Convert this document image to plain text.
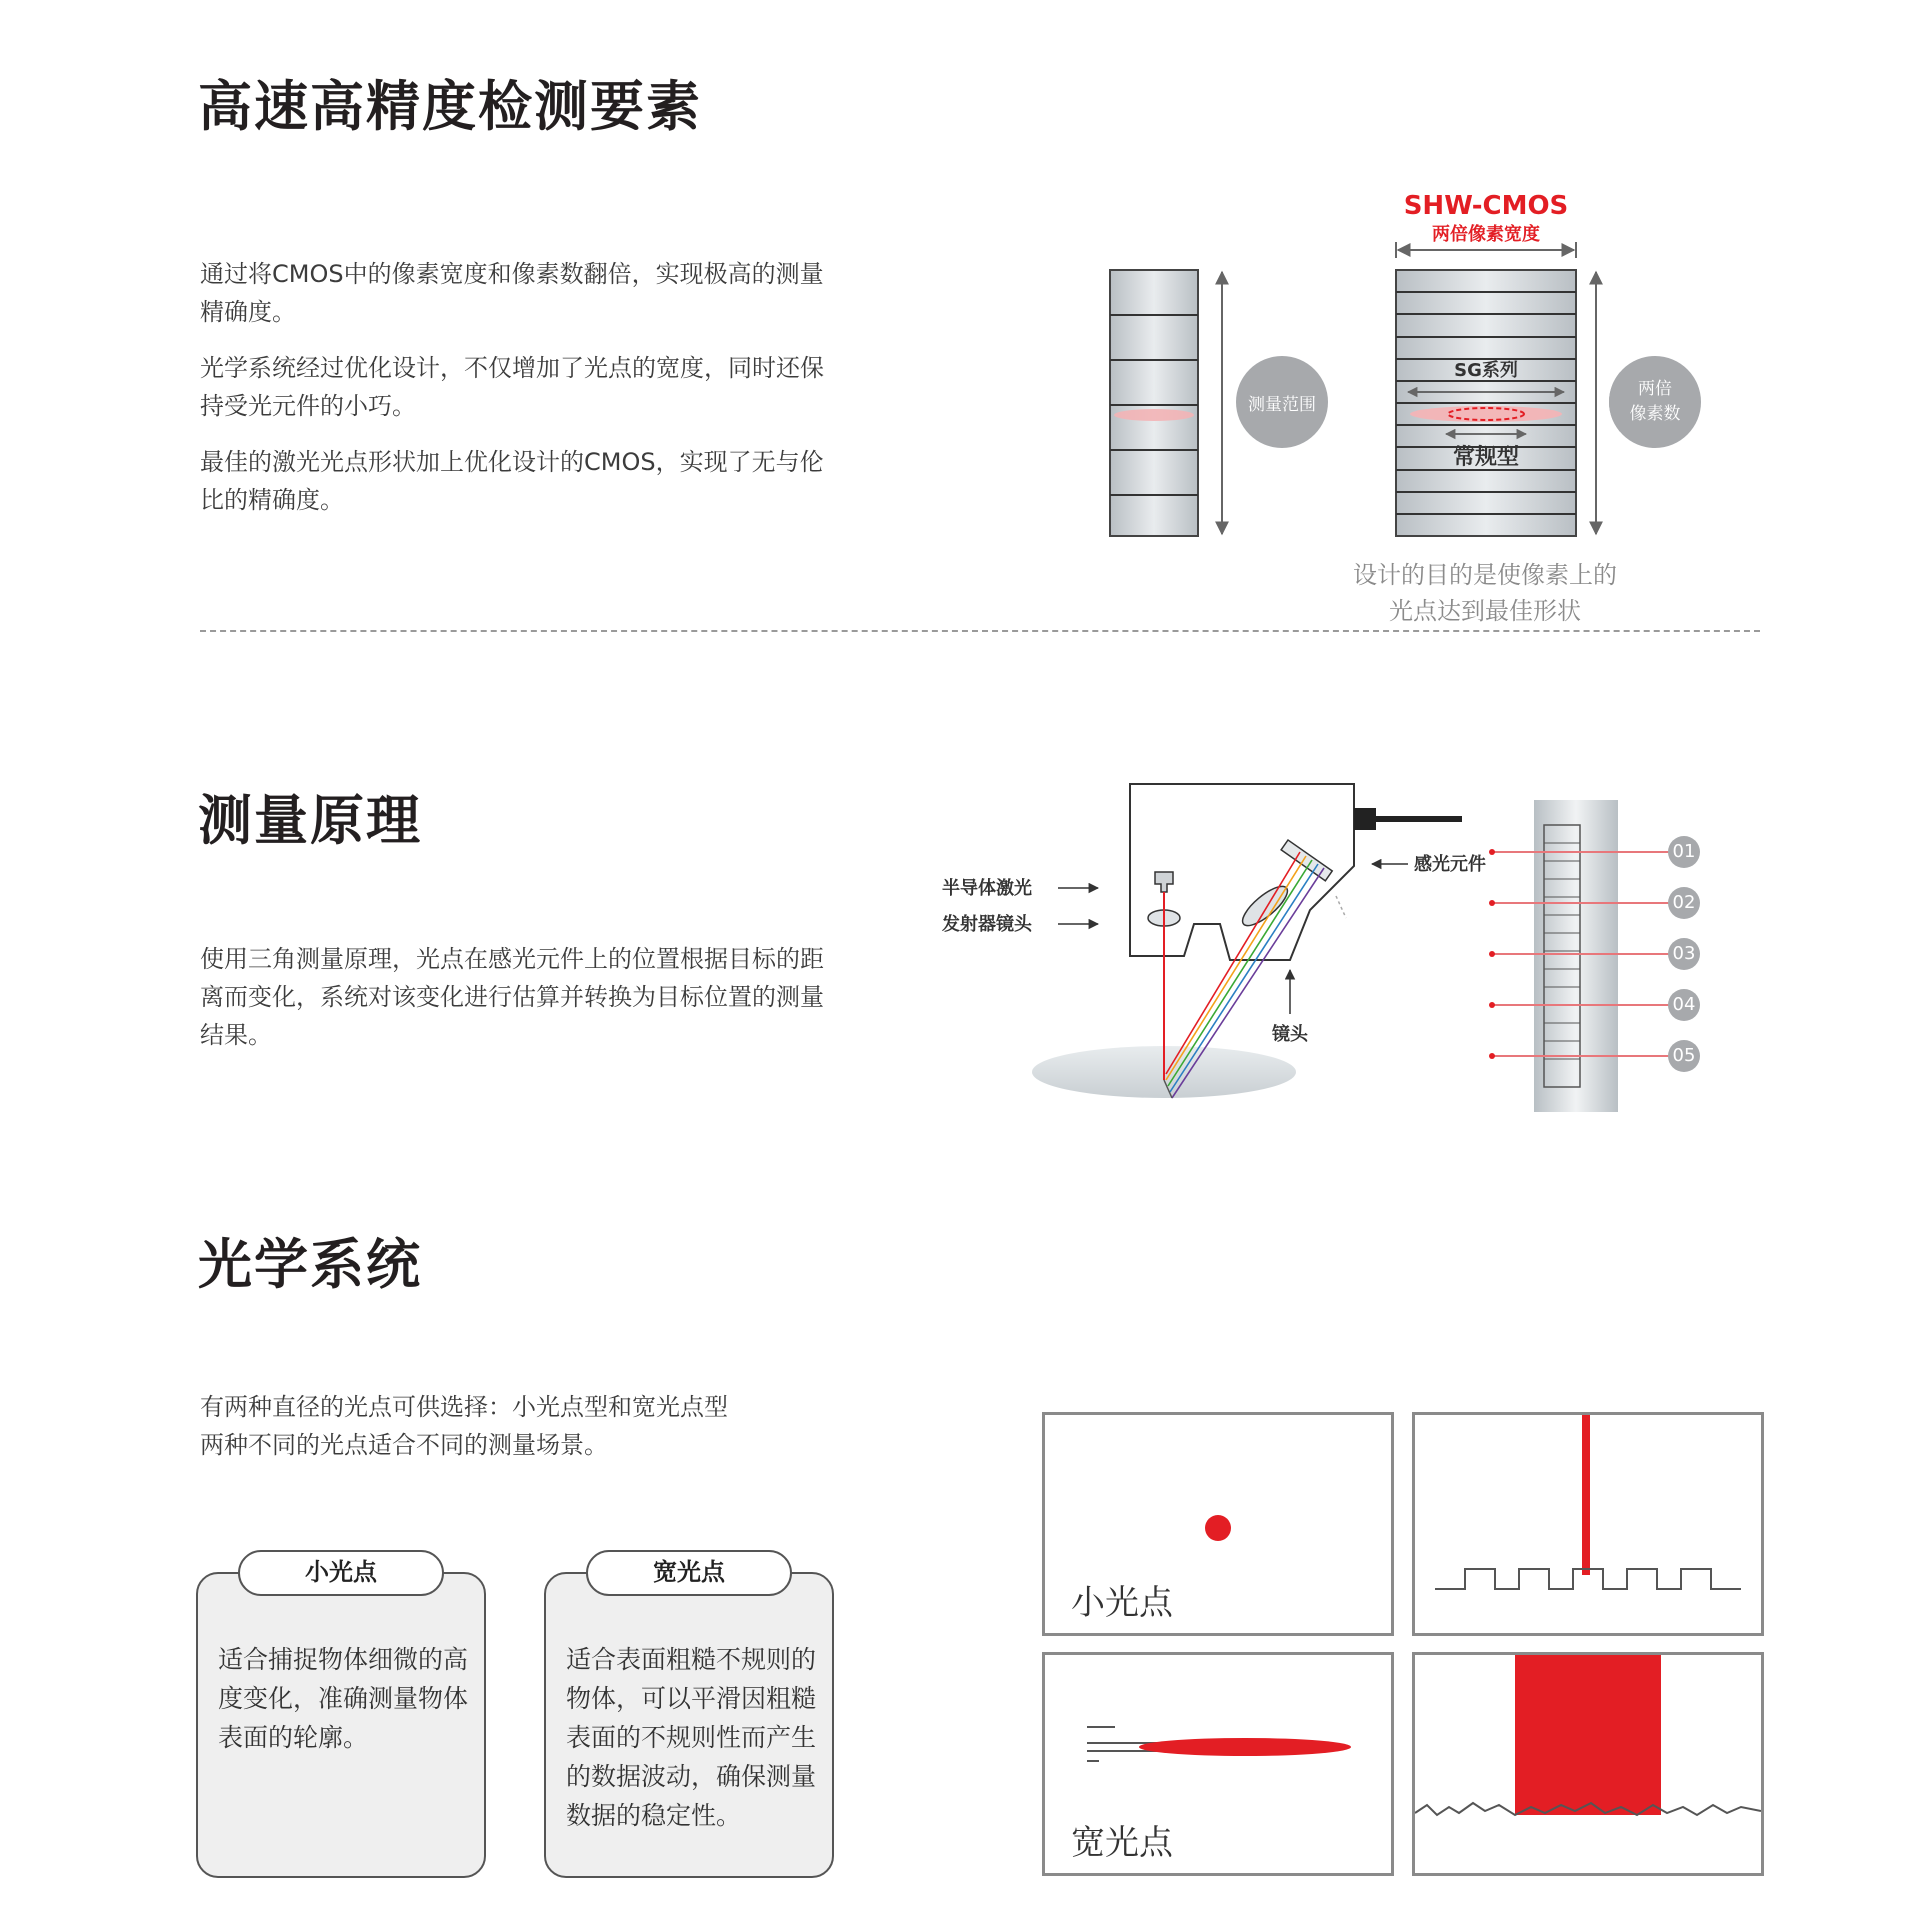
高速高精度检测要素

通过将CMOS中的像素宽度和像素数翻倍，实现极高的测量精确度。

光学系统经过优化设计，不仅增加了光点的宽度，同时还保持受光元件的小巧。

最佳的激光光点形状加上优化设计的CMOS，实现了无与伦比的精确度。

测量范围
SHW-CMOS
两倍像素宽度
SG系列
常规型
两倍
像素数
设计的目的是使像素上的
光点达到最佳形状
测量原理

使用三角测量原理，光点在感光元件上的位置根据目标的距离而变化，系统对该变化进行估算并转换为目标位置的测量结果。

半导体激光
发射器镜头
感光元件
镜头
01
02
03
04
05
光学系统
有两种直径的光点可供选择：小光点型和宽光点型
两种不同的光点适合不同的测量场景。

适合捕捉物体细微的高度变化，准确测量物体表面的轮廓。

小光点

适合表面粗糙不规则的物体，可以平滑因粗糙表面的不规则性而产生的数据波动，确保测量数据的稳定性。

宽光点
小光点
宽光点
